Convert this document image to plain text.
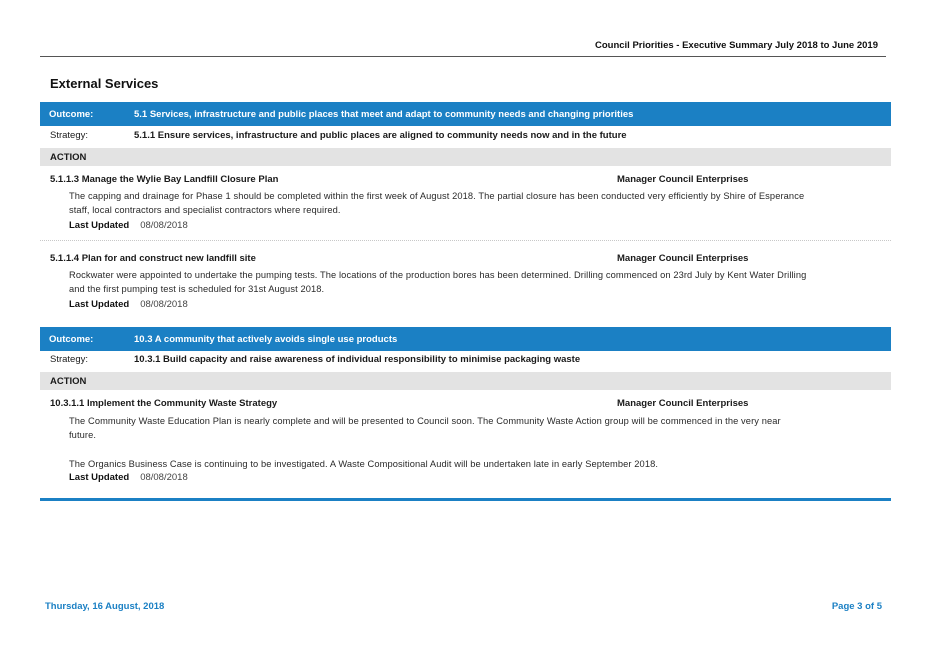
Council Priorities - Executive Summary July 2018 to June 2019
External Services
Outcome:	5.1 Services, infrastructure and public places that meet and adapt to community needs and changing priorities
Strategy:	5.1.1 Ensure services, infrastructure and public places are aligned to community needs now and in the future
ACTION
5.1.1.3 Manage the Wylie Bay Landfill Closure Plan	Manager Council Enterprises
The capping and drainage for Phase 1 should be completed within the first week of August 2018. The partial closure has been conducted very efficiently by Shire of Esperance staff, local contractors and specialist contractors where required.
Last Updated 08/08/2018
5.1.1.4 Plan for and construct new landfill site	Manager Council Enterprises
Rockwater were appointed to undertake the pumping tests. The locations of the production bores has been determined. Drilling commenced on 23rd July by Kent Water Drilling and the first pumping test is scheduled for 31st August 2018.
Last Updated 08/08/2018
Outcome:	10.3 A community that actively avoids single use products
Strategy:	10.3.1 Build capacity and raise awareness of individual responsibility to minimise packaging waste
ACTION
10.3.1.1 Implement the Community Waste Strategy	Manager Council Enterprises
The Community Waste Education Plan is nearly complete and will be presented to Council soon. The Community Waste Action group will be commenced in the very near future.
The Organics Business Case is continuing to be investigated. A Waste Compositional Audit will be undertaken late in early September 2018.
Last Updated 08/08/2018
Thursday, 16 August, 2018	Page 3 of 5
